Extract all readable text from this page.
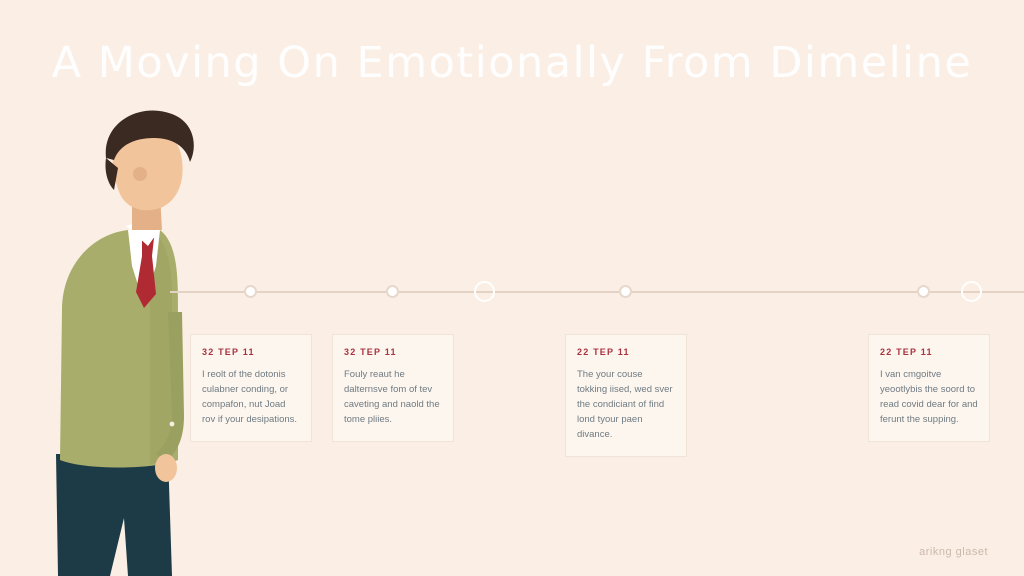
A Moving On Emotionally From Dimeline
32 TEP 11
I reolt of the dotonis culabner conding, or compafon, nut Joad rov if your desipations.
32 TEP 11
Fouly reaut he dalternsve fom of tev caveting and naold the tome pliies.
22 TEP 11
The your couse tokking iised, wed sver the condiciant of find lond tyour paen divance.
22 TEP 11
I van cmgoitve yeootlybis the soord to read covid dear for and ferunt the supping.
arikng glaset
